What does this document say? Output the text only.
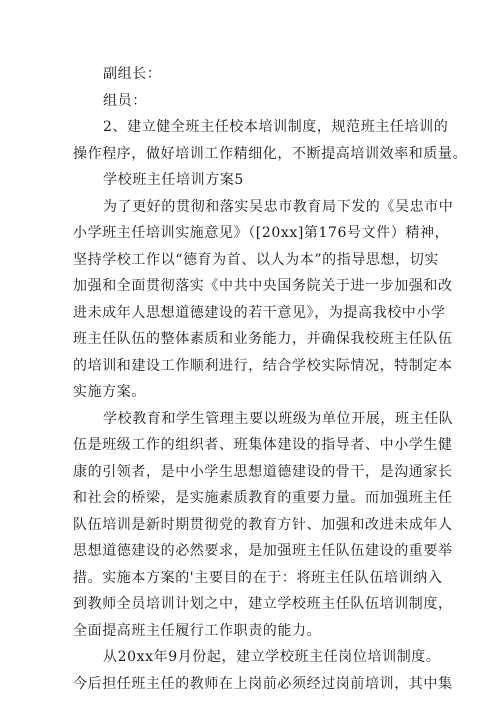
副组长：
组员：
2、建立健全班主任校本培训制度，规范班主任培训的
操作程序，做好培训工作精细化，不断提高培训效率和质量。
学校班主任培训方案5
为了更好的贯彻和落实吴忠市教育局下发的《吴忠市中
小学班主任培训实施意见》（[20xx]第176号文件）精神，
坚持学校工作以“德育为首、以人为本”的指导思想，切实
加强和全面贯彻落实《中共中央国务院关于进一步加强和改
进未成年人思想道德建设的若干意见》，为提高我校中小学
班主任队伍的整体素质和业务能力，并确保我校班主任队伍
的培训和建设工作顺利进行，结合学校实际情况，特制定本
实施方案。
学校教育和学生管理主要以班级为单位开展，班主任队
伍是班级工作的组织者、班集体建设的指导者、中小学生健
康的引领者，是中小学生思想道德建设的骨干，是沟通家长
和社会的桥梁，是实施素质教育的重要力量。而加强班主任
队伍培训是新时期贯彻党的教育方针、加强和改进未成年人
思想道德建设的必然要求，是加强班主任队伍建设的重要举
措。实施本方案的'主要目的在于：将班主任队伍培训纳入
到教师全员培训计划之中，建立学校班主任队伍培训制度，
全面提高班主任履行工作职责的能力。
从20xx年9月份起，建立学校班主任岗位培训制度。
今后担任班主任的教师在上岗前必须经过岗前培训，其中集
